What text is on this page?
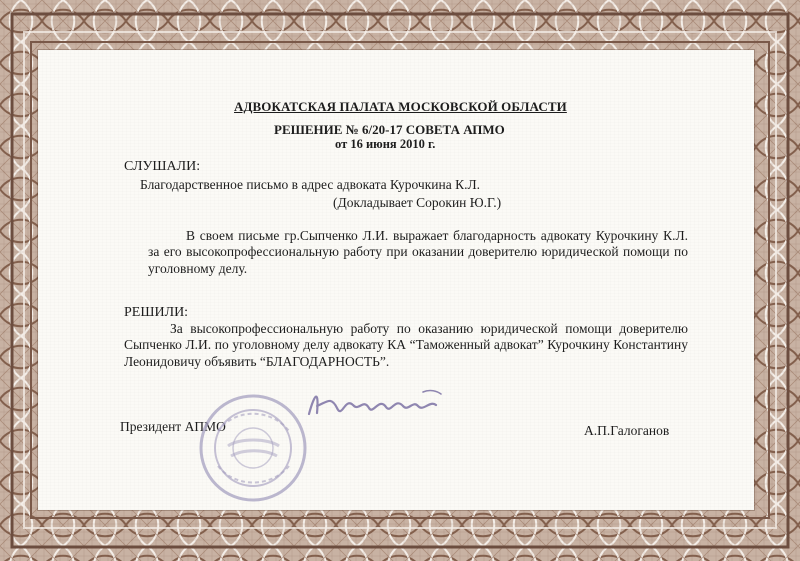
АДВОКАТСКАЯ ПАЛАТА МОСКОВСКОЙ ОБЛАСТИ
РЕШЕНИЕ № 6/20-17 СОВЕТА АПМО
от 16 июня 2010 г.
СЛУШАЛИ:
Благодарственное письмо в адрес адвоката Курочкина К.Л.
(Докладывает Сорокин Ю.Г.)
В своем письме гр.Сыпченко Л.И. выражает благодарность адвокату Курочкину К.Л. за его высокопрофессиональную работу при оказании доверителю юридической помощи по уголовному делу.
РЕШИЛИ:
За высокопрофессиональную работу по оказанию юридической помощи доверителю Сыпченко Л.И. по уголовному делу адвокату КА “Таможенный адвокат” Курочкину Константину Леонидовичу объявить “БЛАГОДАРНОСТЬ”.
Президент АПМО	А.П.Галоганов
